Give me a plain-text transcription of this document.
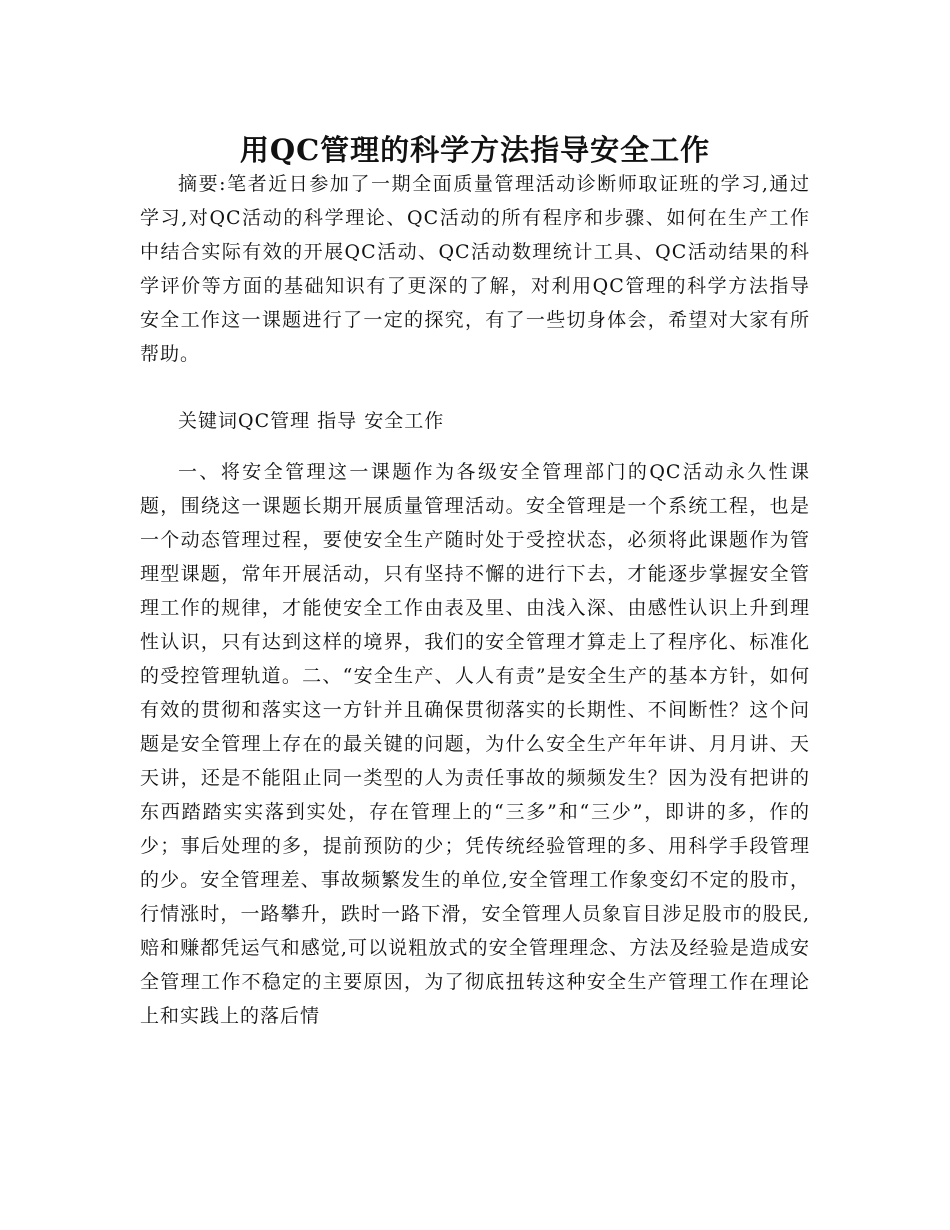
用QC管理的科学方法指导安全工作

摘要:笔者近日参加了一期全面质量管理活动诊断师取证班的学习,通过学习,对QC活动的科学理论、QC活动的所有程序和步骤、如何在生产工作中结合实际有效的开展QC活动、QC活动数理统计工具、QC活动结果的科学评价等方面的基础知识有了更深的了解，对利用QC管理的科学方法指导安全工作这一课题进行了一定的探究，有了一些切身体会，希望对大家有所帮助。

关键词QC管理 指导 安全工作

一、将安全管理这一课题作为各级安全管理部门的QC活动永久性课题，围绕这一课题长期开展质量管理活动。安全管理是一个系统工程，也是一个动态管理过程，要使安全生产随时处于受控状态，必须将此课题作为管理型课题，常年开展活动，只有坚持不懈的进行下去，才能逐步掌握安全管理工作的规律，才能使安全工作由表及里、由浅入深、由感性认识上升到理性认识，只有达到这样的境界，我们的安全管理才算走上了程序化、标准化的受控管理轨道。二、“安全生产、人人有责”是安全生产的基本方针，如何有效的贯彻和落实这一方针并且确保贯彻落实的长期性、不间断性？这个问题是安全管理上存在的最关键的问题，为什么安全生产年年讲、月月讲、天天讲，还是不能阻止同一类型的人为责任事故的频频发生？因为没有把讲的东西踏踏实实落到实处，存在管理上的“三多”和“三少”，即讲的多，作的少；事后处理的多，提前预防的少；凭传统经验管理的多、用科学手段管理的少。安全管理差、事故频繁发生的单位,安全管理工作象变幻不定的股市，行情涨时，一路攀升，跌时一路下滑，安全管理人员象盲目涉足股市的股民,赔和赚都凭运气和感觉,可以说粗放式的安全管理理念、方法及经验是造成安全管理工作不稳定的主要原因，为了彻底扭转这种安全生产管理工作在理论上和实践上的落后情
